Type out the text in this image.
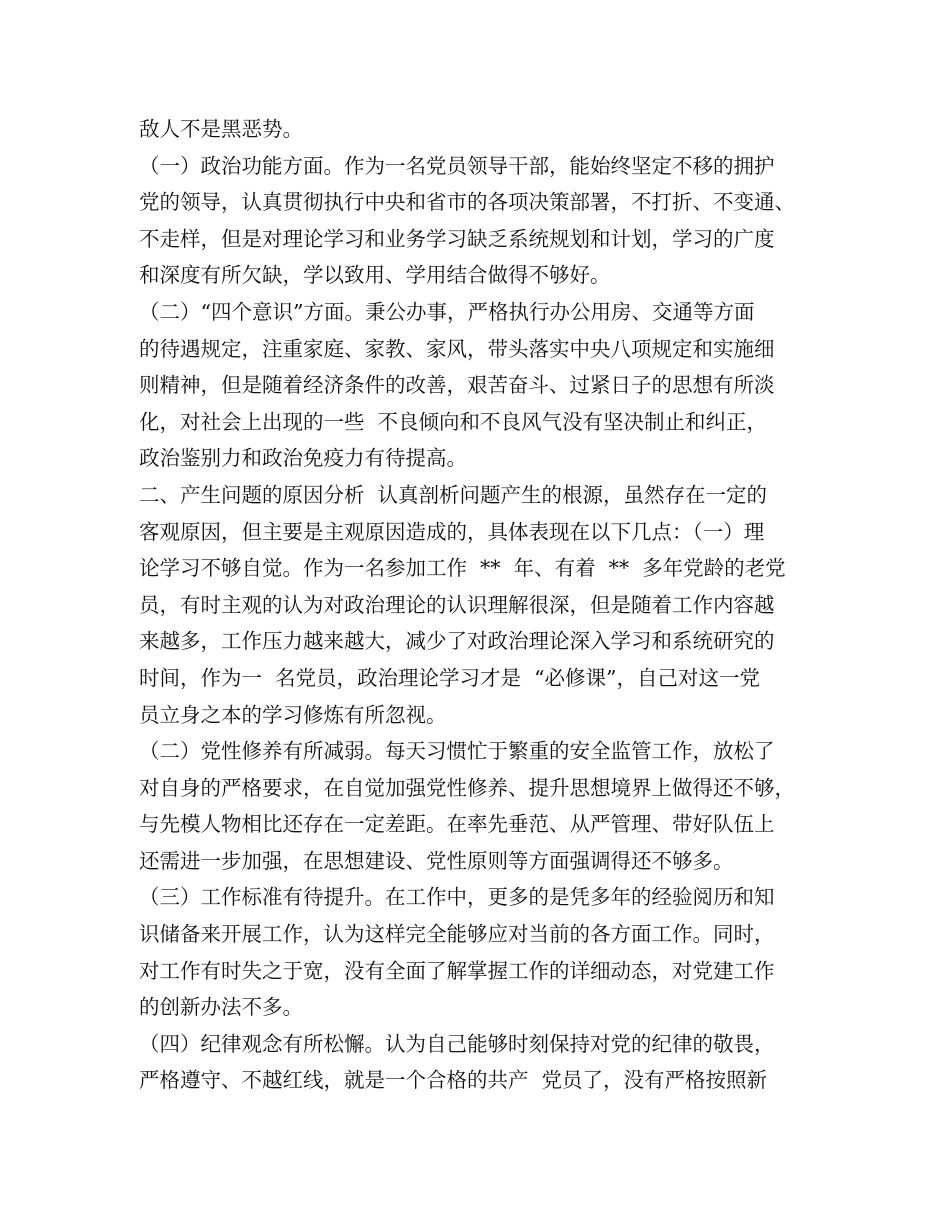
敌人不是黑恶势。
（一）政治功能方面。作为一名党员领导干部，能始终坚定不移的拥护
党的领导，认真贯彻执行中央和省市的各项决策部署，不打折、不变通、
不走样，但是对理论学习和业务学习缺乏系统规划和计划，学习的广度
和深度有所欠缺，学以致用、学用结合做得不够好。
（二）“四个意识”方面。秉公办事，严格执行办公用房、交通等方面
的待遇规定，注重家庭、家教、家风，带头落实中央八项规定和实施细
则精神，但是随着经济条件的改善，艰苦奋斗、过紧日子的思想有所淡
化，对社会上出现的一些  不良倾向和不良风气没有坚决制止和纠正，
政治鉴别力和政治免疫力有待提高。
二、产生问题的原因分析  认真剖析问题产生的根源，虽然存在一定的
客观原因，但主要是主观原因造成的，具体表现在以下几点：（一）理
论学习不够自觉。作为一名参加工作  **  年、有着  **  多年党龄的老党
员，有时主观的认为对政治理论的认识理解很深，但是随着工作内容越
来越多，工作压力越来越大，减少了对政治理论深入学习和系统研究的
时间，作为一  名党员，政治理论学习才是  “必修课”，自己对这一党
员立身之本的学习修炼有所忽视。
（二）党性修养有所减弱。每天习惯忙于繁重的安全监管工作，放松了
对自身的严格要求，在自觉加强党性修养、提升思想境界上做得还不够，
与先模人物相比还存在一定差距。在率先垂范、从严管理、带好队伍上
还需进一步加强，在思想建设、党性原则等方面强调得还不够多。
（三）工作标准有待提升。在工作中，更多的是凭多年的经验阅历和知
识储备来开展工作，认为这样完全能够应对当前的各方面工作。同时，
对工作有时失之于宽，没有全面了解掌握工作的详细动态，对党建工作
的创新办法不多。
（四）纪律观念有所松懈。认为自己能够时刻保持对党的纪律的敬畏，
严格遵守、不越红线，就是一个合格的共产  党员了，没有严格按照新
